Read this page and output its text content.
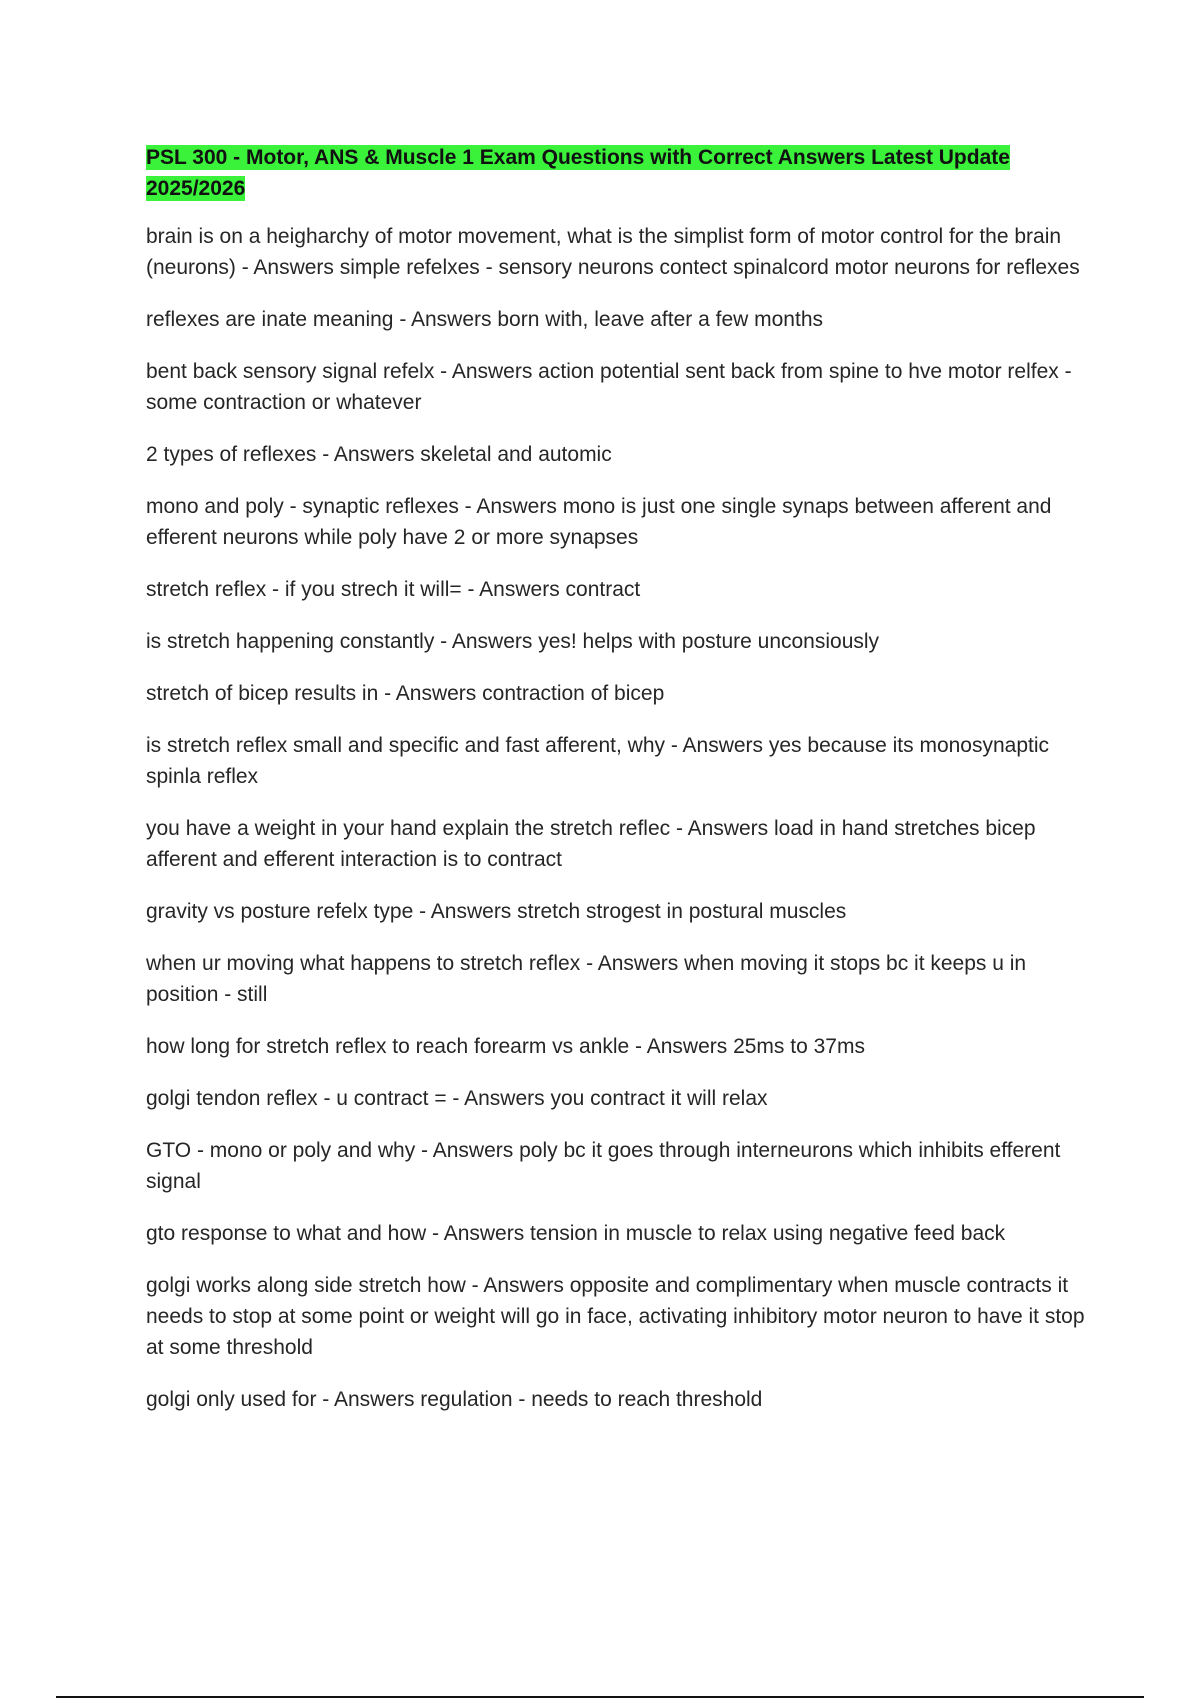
PSL 300 - Motor, ANS & Muscle 1 Exam Questions with Correct Answers Latest Update 2025/2026

brain is on a heigharchy of motor movement, what is the simplist form of motor control for the brain (neurons) - Answers simple refelxes - sensory neurons contect spinalcord motor neurons for reflexes

reflexes are inate meaning - Answers born with, leave after a few months

bent back sensory signal refelx - Answers action potential sent back from spine to hve motor relfex - some contraction or whatever

2 types of reflexes - Answers skeletal and automic

mono and poly - synaptic reflexes - Answers mono is just one single synaps between afferent and efferent neurons while poly have 2 or more synapses

stretch reflex - if you strech it will= - Answers contract

is stretch happening constantly - Answers yes! helps with posture unconsiously

stretch of bicep results in - Answers contraction of bicep

is stretch reflex small and specific and fast afferent, why - Answers yes because its monosynaptic spinla reflex

you have a weight in your hand explain the stretch reflec - Answers load in hand stretches bicep afferent and efferent interaction is to contract

gravity vs posture refelx type - Answers stretch strogest in postural muscles

when ur moving what happens to stretch reflex - Answers when moving it stops bc it keeps u in position - still

how long for stretch reflex to reach forearm vs ankle - Answers 25ms to 37ms

golgi tendon reflex - u contract = - Answers you contract it will relax

GTO - mono or poly and why - Answers poly bc it goes through interneurons which inhibits efferent signal

gto response to what and how - Answers tension in muscle to relax using negative feed back

golgi works along side stretch how - Answers opposite and complimentary when muscle contracts it needs to stop at some point or weight will go in face, activating inhibitory motor neuron to have it stop at some threshold

golgi only used for - Answers regulation - needs to reach threshold
